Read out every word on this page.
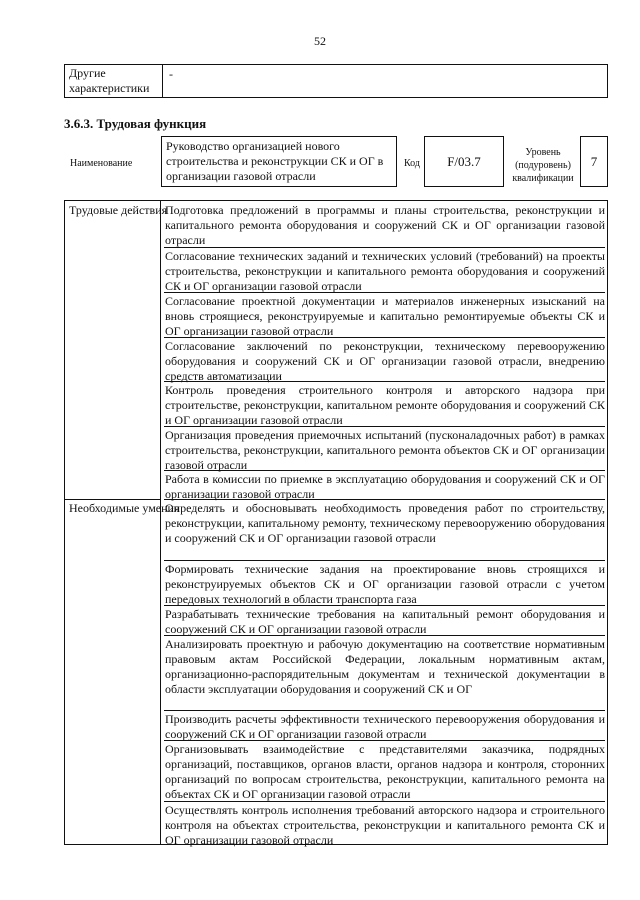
52
Другие характеристики
-
3.6.3. Трудовая функция
Наименование
Руководство организацией нового строительства и реконструкции СК и ОГ в организации газовой отрасли
Код	F/03.7
Уровень (подуровень) квалификации
7
Трудовые действия
Необходимые умения
Подготовка предложений в программы и планы строительства, реконструкции и капитального ремонта оборудования и сооружений СК и ОГ организации газовой отрасли
Согласование технических заданий и технических условий (требований) на проекты строительства, реконструкции и капитального ремонта оборудования и сооружений СК и ОГ организации газовой отрасли
Согласование проектной документации и материалов инженерных изысканий на вновь строящиеся, реконструируемые и капитально ремонтируемые объекты СК и ОГ организации газовой отрасли
Согласование заключений по реконструкции, техническому перевооружению оборудования и сооружений СК и ОГ организации газовой отрасли, внедрению средств автоматизации
Контроль проведения строительного контроля и авторского надзора при строительстве, реконструкции, капитальном ремонте оборудования и сооружений СК и ОГ организации газовой отрасли
Организация проведения приемочных испытаний (пусконаладочных работ) в рамках строительства, реконструкции, капитального ремонта объектов СК и ОГ организации газовой отрасли
Работа в комиссии по приемке в эксплуатацию оборудования и сооружений СК и ОГ организации газовой отрасли
Определять и обосновывать необходимость проведения работ по строительству, реконструкции, капитальному ремонту, техническому перевооружению оборудования и сооружений СК и ОГ организации газовой отрасли
Формировать технические задания на проектирование вновь строящихся и реконструируемых объектов СК и ОГ организации газовой отрасли с учетом передовых технологий в области транспорта газа
Разрабатывать технические требования на капитальный ремонт оборудования и сооружений СК и ОГ организации газовой отрасли
Анализировать проектную и рабочую документацию на соответствие нормативным правовым актам Российской Федерации, локальным нормативным актам, организационно-распорядительным документам и технической документации в области эксплуатации оборудования и сооружений СК и ОГ
Производить расчеты эффективности технического перевооружения оборудования и сооружений СК и ОГ организации газовой отрасли
Организовывать взаимодействие с представителями заказчика, подрядных организаций, поставщиков, органов власти, органов надзора и контроля, сторонних организаций по вопросам строительства, реконструкции, капитального ремонта на объектах СК и ОГ организации газовой отрасли
Осуществлять контроль исполнения требований авторского надзора и строительного контроля на объектах строительства, реконструкции и капитального ремонта СК и ОГ организации газовой отрасли
